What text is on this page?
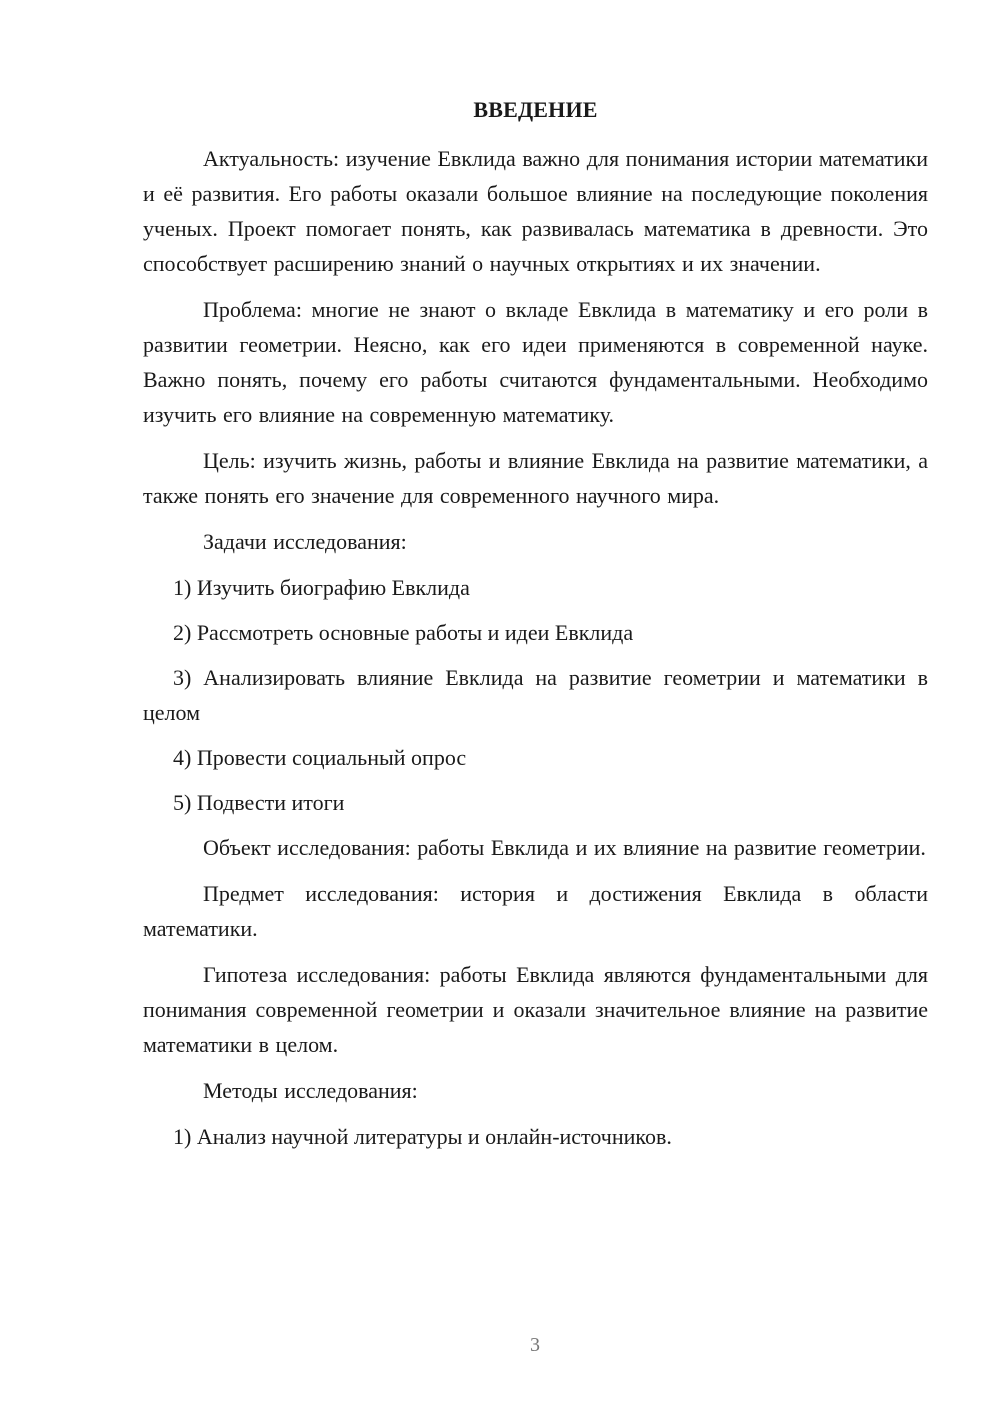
ВВЕДЕНИЕ

Актуальность: изучение Евклида важно для понимания истории математики и её развития. Его работы оказали большое влияние на последующие поколения ученых. Проект помогает понять, как развивалась математика в древности. Это способствует расширению знаний о научных открытиях и их значении.

Проблема: многие не знают о вкладе Евклида в математику и его роли в развитии геометрии. Неясно, как его идеи применяются в современной науке. Важно понять, почему его работы считаются фундаментальными. Необходимо изучить его влияние на современную математику.

Цель: изучить жизнь, работы и влияние Евклида на развитие математики, а также понять его значение для современного научного мира.

Задачи исследования:

1) Изучить биографию Евклида

2) Рассмотреть основные работы и идеи Евклида

3) Анализировать влияние Евклида на развитие геометрии и математики в целом

4) Провести социальный опрос

5) Подвести итоги

Объект исследования: работы Евклида и их влияние на развитие геометрии.

Предмет исследования: история и достижения Евклида в области математики.

Гипотеза исследования: работы Евклида являются фундаментальными для понимания современной геометрии и оказали значительное влияние на развитие математики в целом.

Методы исследования:

1) Анализ научной литературы и онлайн-источников.

3
